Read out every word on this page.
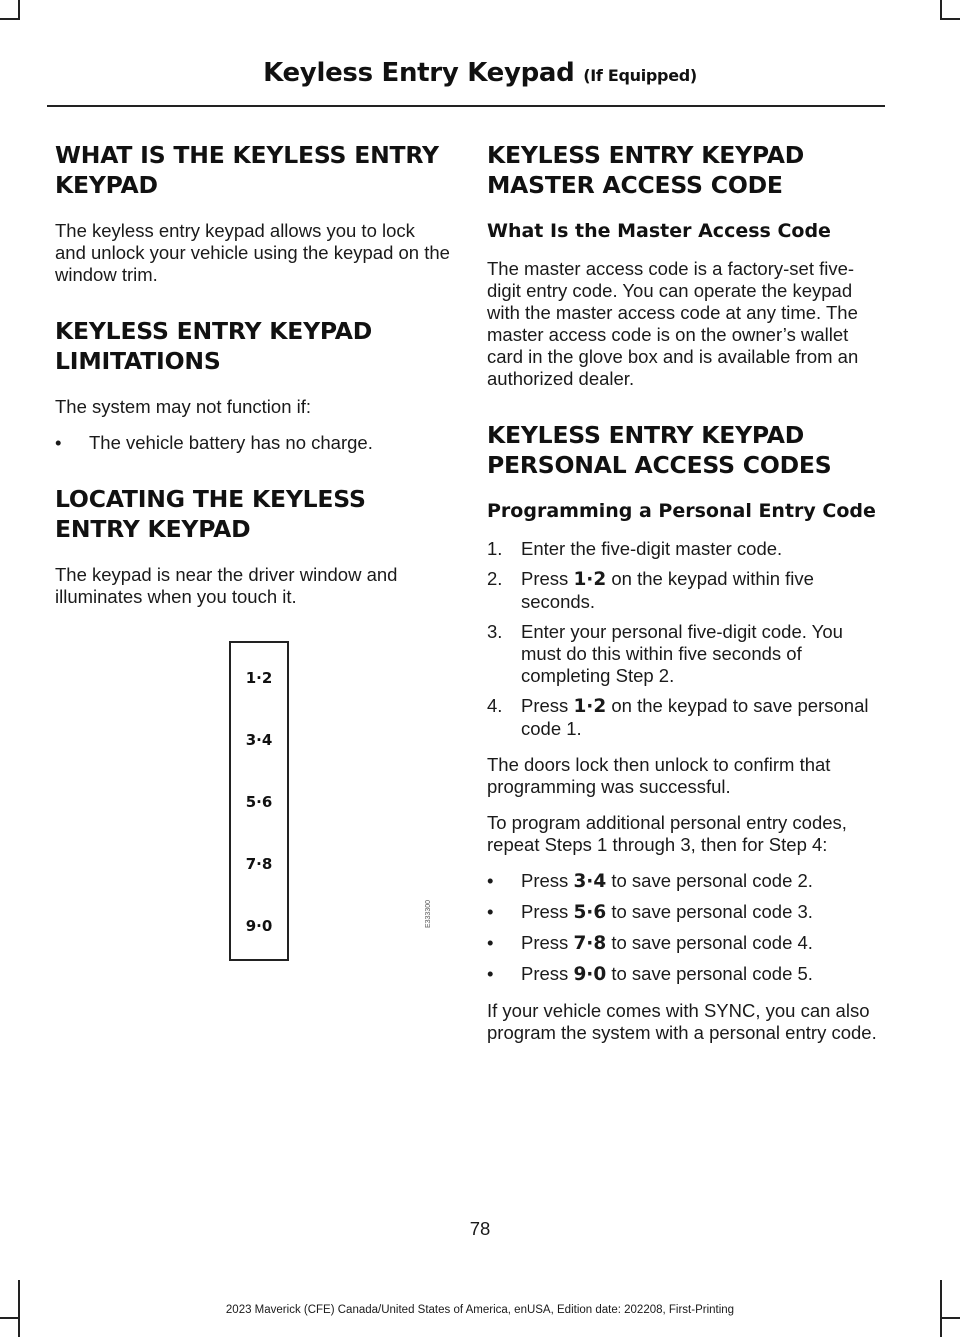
Keyless Entry Keypad (If Equipped)
WHAT IS THE KEYLESS ENTRY
KEYPAD

The keyless entry keypad allows you to lock and unlock your vehicle using the keypad on the window trim.

KEYLESS ENTRY KEYPAD
LIMITATIONS

The system may not function if:

• The vehicle battery has no charge.
LOCATING THE KEYLESS
ENTRY KEYPAD

The keypad is near the driver window and illuminates when you touch it.

1·2
3·4
5·6
7·8
9·0	E333300
KEYLESS ENTRY KEYPAD
MASTER ACCESS CODE
What Is the Master Access Code

The master access code is a factory-set five-digit entry code. You can operate the keypad with the master access code at any time. The master access code is on the owner’s wallet card in the glove box and is available from an authorized dealer.

KEYLESS ENTRY KEYPAD
PERSONAL ACCESS CODES
Programming a Personal Entry Code
1. Enter the five-digit master code.
2. Press 1·2 on the keypad within five seconds.
3. Enter your personal five-digit code. You must do this within five seconds of completing Step 2.
4. Press 1·2 on the keypad to save personal code 1.

The doors lock then unlock to confirm that programming was successful.

To program additional personal entry codes, repeat Steps 1 through 3, then for Step 4:

• Press 3·4 to save personal code 2.
• Press 5·6 to save personal code 3.
• Press 7·8 to save personal code 4.
• Press 9·0 to save personal code 5.

If your vehicle comes with SYNC, you can also program the system with a personal entry code.

78
2023 Maverick (CFE) Canada/United States of America, enUSA, Edition date: 202208, First-Printing
